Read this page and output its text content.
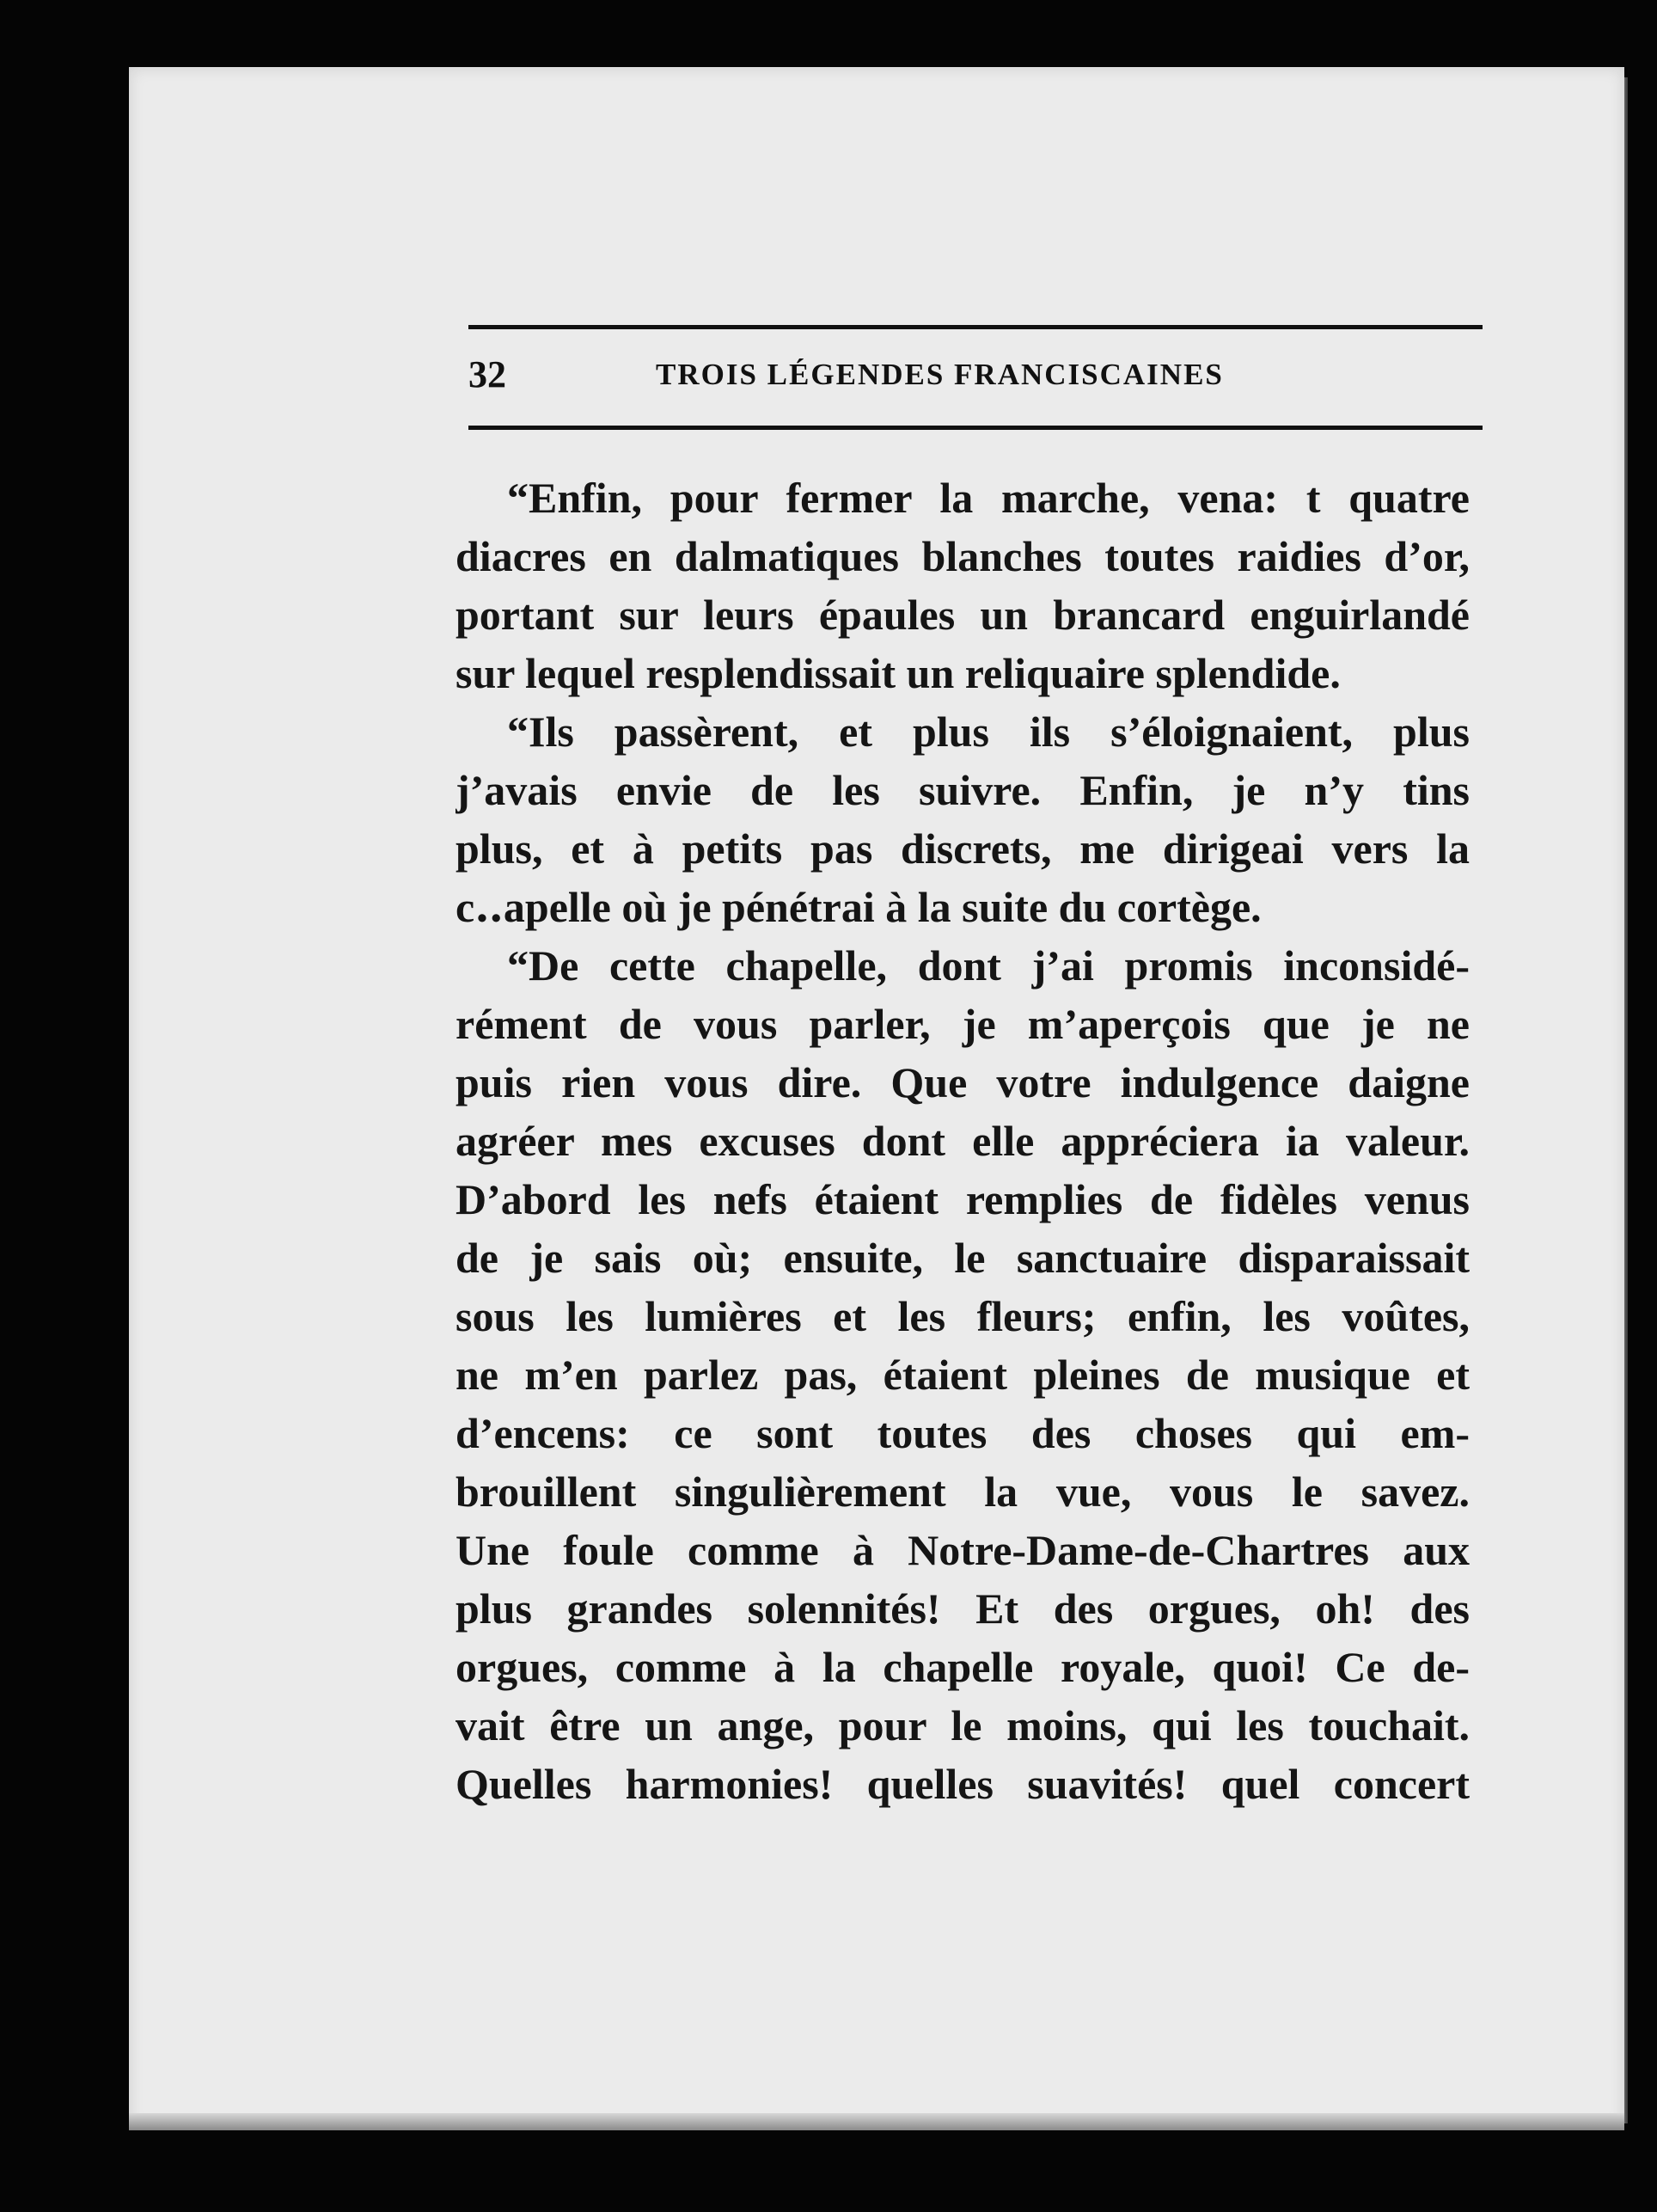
32	TROIS LÉGENDES FRANCISCAINES
“Enfin, pour fermer la marche, vena: t quatre
diacres en dalmatiques blanches toutes raidies d’or,
portant sur leurs épaules un brancard enguirlandé
sur lequel resplendissait un reliquaire splendide.
“Ils passèrent, et plus ils s’éloignaient, plus
j’avais envie de les suivre. Enfin, je n’y tins
plus, et à petits pas discrets, me dirigeai vers la
c‥apelle où je pénétrai à la suite du cortège.
“De cette chapelle, dont j’ai promis inconsidé-
rément de vous parler, je m’aperçois que je ne
puis rien vous dire. Que votre indulgence daigne
agréer mes excuses dont elle appréciera ia valeur.
D’abord les nefs étaient remplies de fidèles venus
de je sais où; ensuite, le sanctuaire disparaissait
sous les lumières et les fleurs; enfin, les voûtes,
ne m’en parlez pas, étaient pleines de musique et
d’encens: ce sont toutes des choses qui em-
brouillent singulièrement la vue, vous le savez.
Une foule comme à Notre-Dame-de-Chartres aux
plus grandes solennités! Et des orgues, oh! des
orgues, comme à la chapelle royale, quoi! Ce de-
vait être un ange, pour le moins, qui les touchait.
Quelles harmonies! quelles suavités! quel concert
